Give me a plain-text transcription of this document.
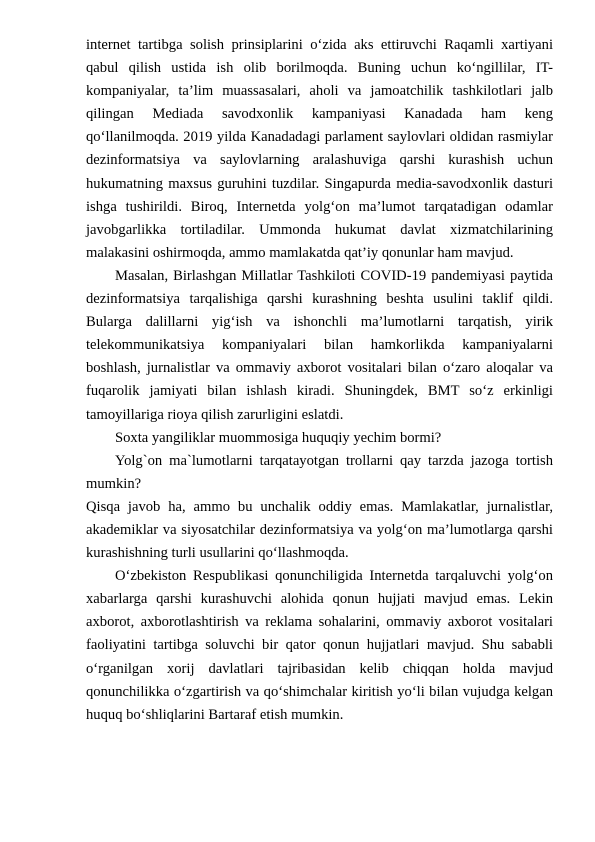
internet tartibga solish prinsiplarini o‘zida aks ettiruvchi Raqamli xartiyani qabul qilish ustida ish olib borilmoqda. Buning uchun ko‘ngillilar, IT-kompaniyalar, ta’lim muassasalari, aholi va jamoatchilik tashkilotlari jalb qilingan Mediada savodxonlik kampaniyasi Kanadada ham keng qo‘llanilmoqda. 2019 yilda Kanadadagi parlament saylovlari oldidan rasmiylar dezinformatsiya va saylovlarning aralashuviga qarshi kurashish uchun hukumatning maxsus guruhini tuzdilar. Singapurda media-savodxonlik dasturi ishga tushirildi. Biroq, Internetda yolg‘on ma’lumot tarqatadigan odamlar javobgarlikka tortiladilar. Ummonda hukumat davlat xizmatchilarining malakasini oshirmoqda, ammo mamlakatda qat’iy qonunlar ham mavjud.

Masalan, Birlashgan Millatlar Tashkiloti COVID-19 pandemiyasi paytida dezinformatsiya tarqalishiga qarshi kurashning beshta usulini taklif qildi. Bularga dalillarni yig‘ish va ishonchli ma’lumotlarni tarqatish, yirik telekommunikatsiya kompaniyalari bilan hamkorlikda kampaniyalarni boshlash, jurnalistlar va ommaviy axborot vositalari bilan o‘zaro aloqalar va fuqarolik jamiyati bilan ishlash kiradi. Shuningdek, BMT so‘z erkinligi tamoyillariga rioya qilish zarurligini eslatdi.

Soxta yangiliklar muommosiga huquqiy yechim bormi?

Yolg`on ma`lumotlarni tarqatayotgan trollarni qay tarzda jazoga tortish mumkin?

Qisqa javob ha, ammo bu unchalik oddiy emas. Mamlakatlar, jurnalistlar, akademiklar va siyosatchilar dezinformatsiya va yolg‘on ma’lumotlarga qarshi kurashishning turli usullarini qo‘llashmoqda.

O‘zbekiston Respublikasi qonunchiligida Internetda tarqaluvchi yolg‘on xabarlarga qarshi kurashuvchi alohida qonun hujjati mavjud emas. Lekin axborot, axborotlashtirish va reklama sohalarini, ommaviy axborot vositalari faoliyatini tartibga soluvchi bir qator qonun hujjatlari mavjud. Shu sababli o‘rganilgan xorij davlatlari tajribasidan kelib chiqqan holda mavjud qonunchilikka o‘zgartirish va qo‘shimchalar kiritish yo‘li bilan vujudga kelgan huquq bo‘shliqlarini Bartaraf etish mumkin.
